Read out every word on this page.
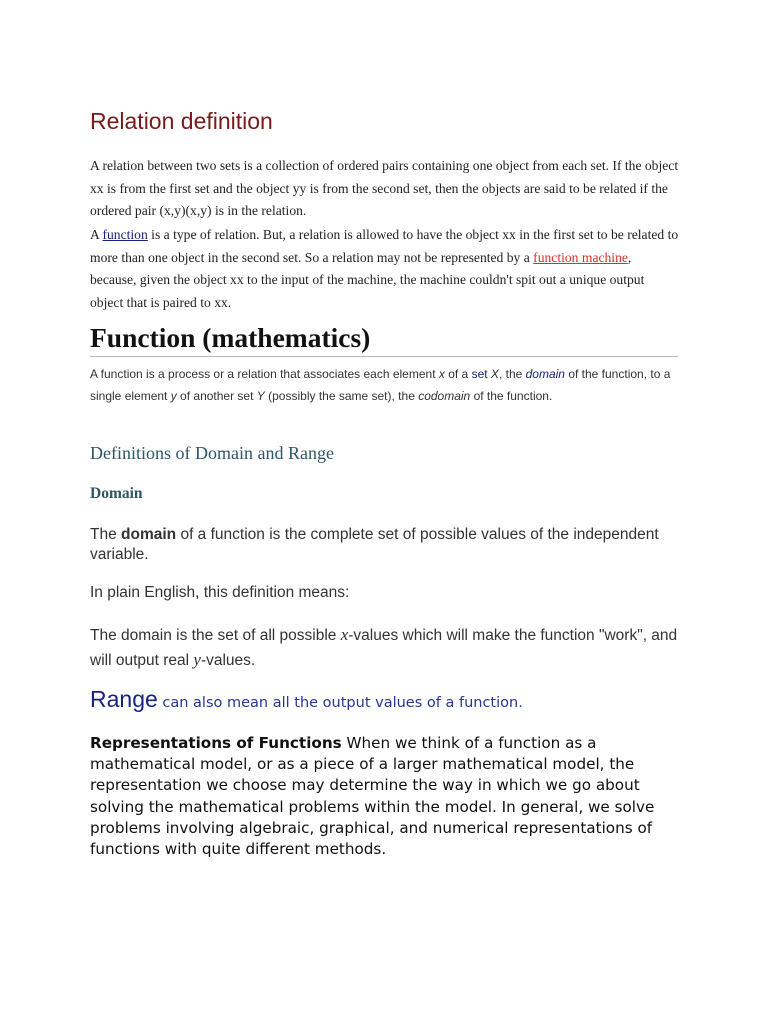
Relation definition

A relation between two sets is a collection of ordered pairs containing one object from each set. If the object xx is from the first set and the object yy is from the second set, then the objects are said to be related if the ordered pair (x,y)(x,y) is in the relation.

A function is a type of relation. But, a relation is allowed to have the object xx in the first set to be related to more than one object in the second set. So a relation may not be represented by a function machine, because, given the object xx to the input of the machine, the machine couldn't spit out a unique output object that is paired to xx.

Function (mathematics)

A function is a process or a relation that associates each element x of a set X, the domain of the function, to a single element y of another set Y (possibly the same set), the codomain of the function.

Definitions of Domain and Range
Domain

The domain of a function is the complete set of possible values of the independent variable.

In plain English, this definition means:

The domain is the set of all possible x-values which will make the function "work", and will output real y-values.

Range can also mean all the output values of a function.

Representations of Functions When we think of a function as a mathematical model, or as a piece of a larger mathematical model, the representation we choose may determine the way in which we go about solving the mathematical problems within the model. In general, we solve problems involving algebraic, graphical, and numerical representations of functions with quite different methods.
